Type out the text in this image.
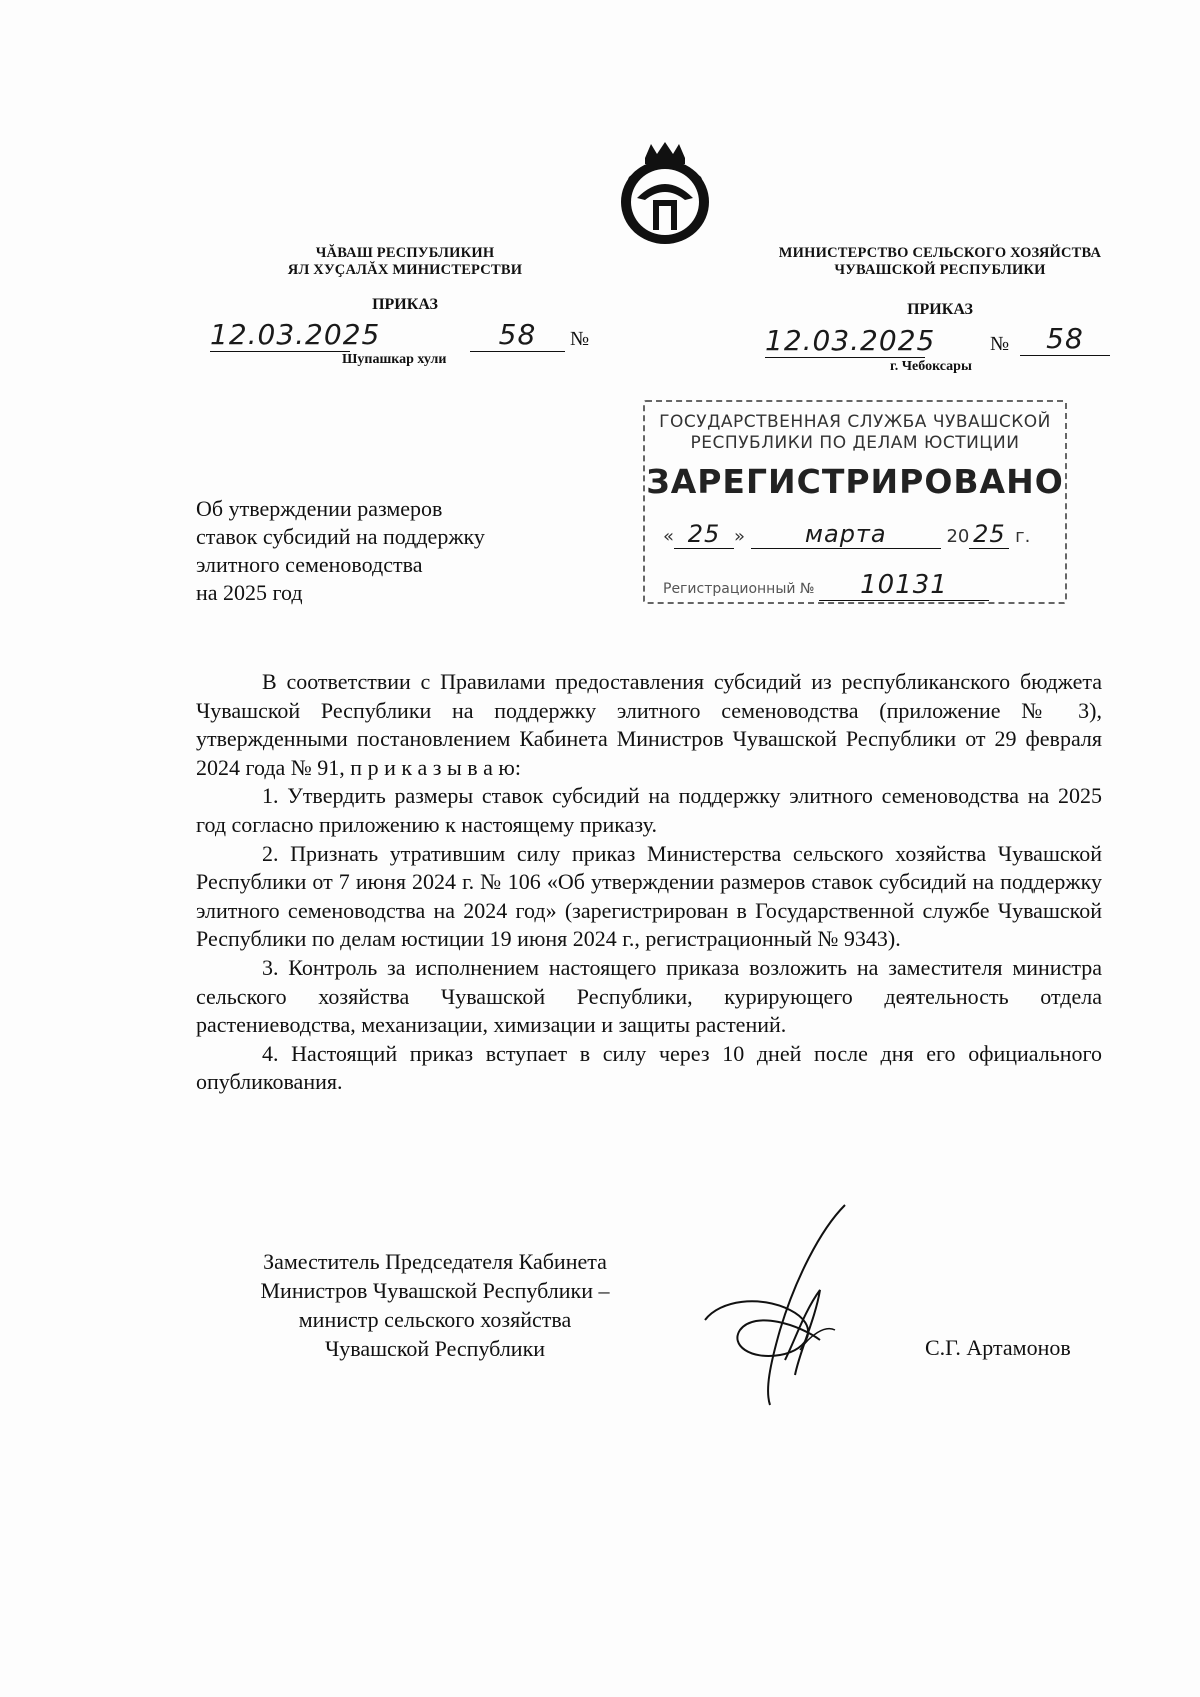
ЧĂВАШ РЕСПУБЛИКИН
ЯЛ ХУҪАЛĂХ МИНИСТЕРСТВИ
ПРИКАЗ
12.03.2025	58	№
Шупашкар хули
МИНИСТЕРСТВО СЕЛЬСКОГО ХОЗЯЙСТВА
ЧУВАШСКОЙ РЕСПУБЛИКИ
ПРИКАЗ
12.03.2025	№	58
г. Чебоксары
ГОСУДАРСТВЕННАЯ СЛУЖБА ЧУВАШСКОЙ
РЕСПУБЛИКИ ПО ДЕЛАМ ЮСТИЦИИ
ЗАРЕГИСТРИРОВАНО
« 25 » марта	20 25 г.
Регистрационный № 10131
Об утверждении размеров
ставок субсидий на поддержку
элитного семеноводства
на 2025 год

В соответствии с Правилами предоставления субсидий из республиканского бюджета Чувашской Республики на поддержку элитного семеноводства (приложение № 3), утвержденными постановлением Кабинета Министров Чувашской Республики от 29 февраля 2024 года № 91, п р и к а з ы в а ю:

1. Утвердить размеры ставок субсидий на поддержку элитного семеноводства на 2025 год согласно приложению к настоящему приказу.

2. Признать утратившим силу приказ Министерства сельского хозяйства Чувашской Республики от 7 июня 2024 г. № 106 «Об утверждении размеров ставок субсидий на поддержку элитного семеноводства на 2024 год» (зарегистрирован в Государственной службе Чувашской Республики по делам юстиции 19 июня 2024 г., регистрационный № 9343).

3. Контроль за исполнением настоящего приказа возложить на заместителя министра сельского хозяйства Чувашской Республики, курирующего деятельность отдела растениеводства, механизации, химизации и защиты растений.

4. Настоящий приказ вступает в силу через 10 дней после дня его официального опубликования.

Заместитель Председателя Кабинета
Министров Чувашской Республики –
министр сельского хозяйства
Чувашской Республики	С.Г. Артамонов
